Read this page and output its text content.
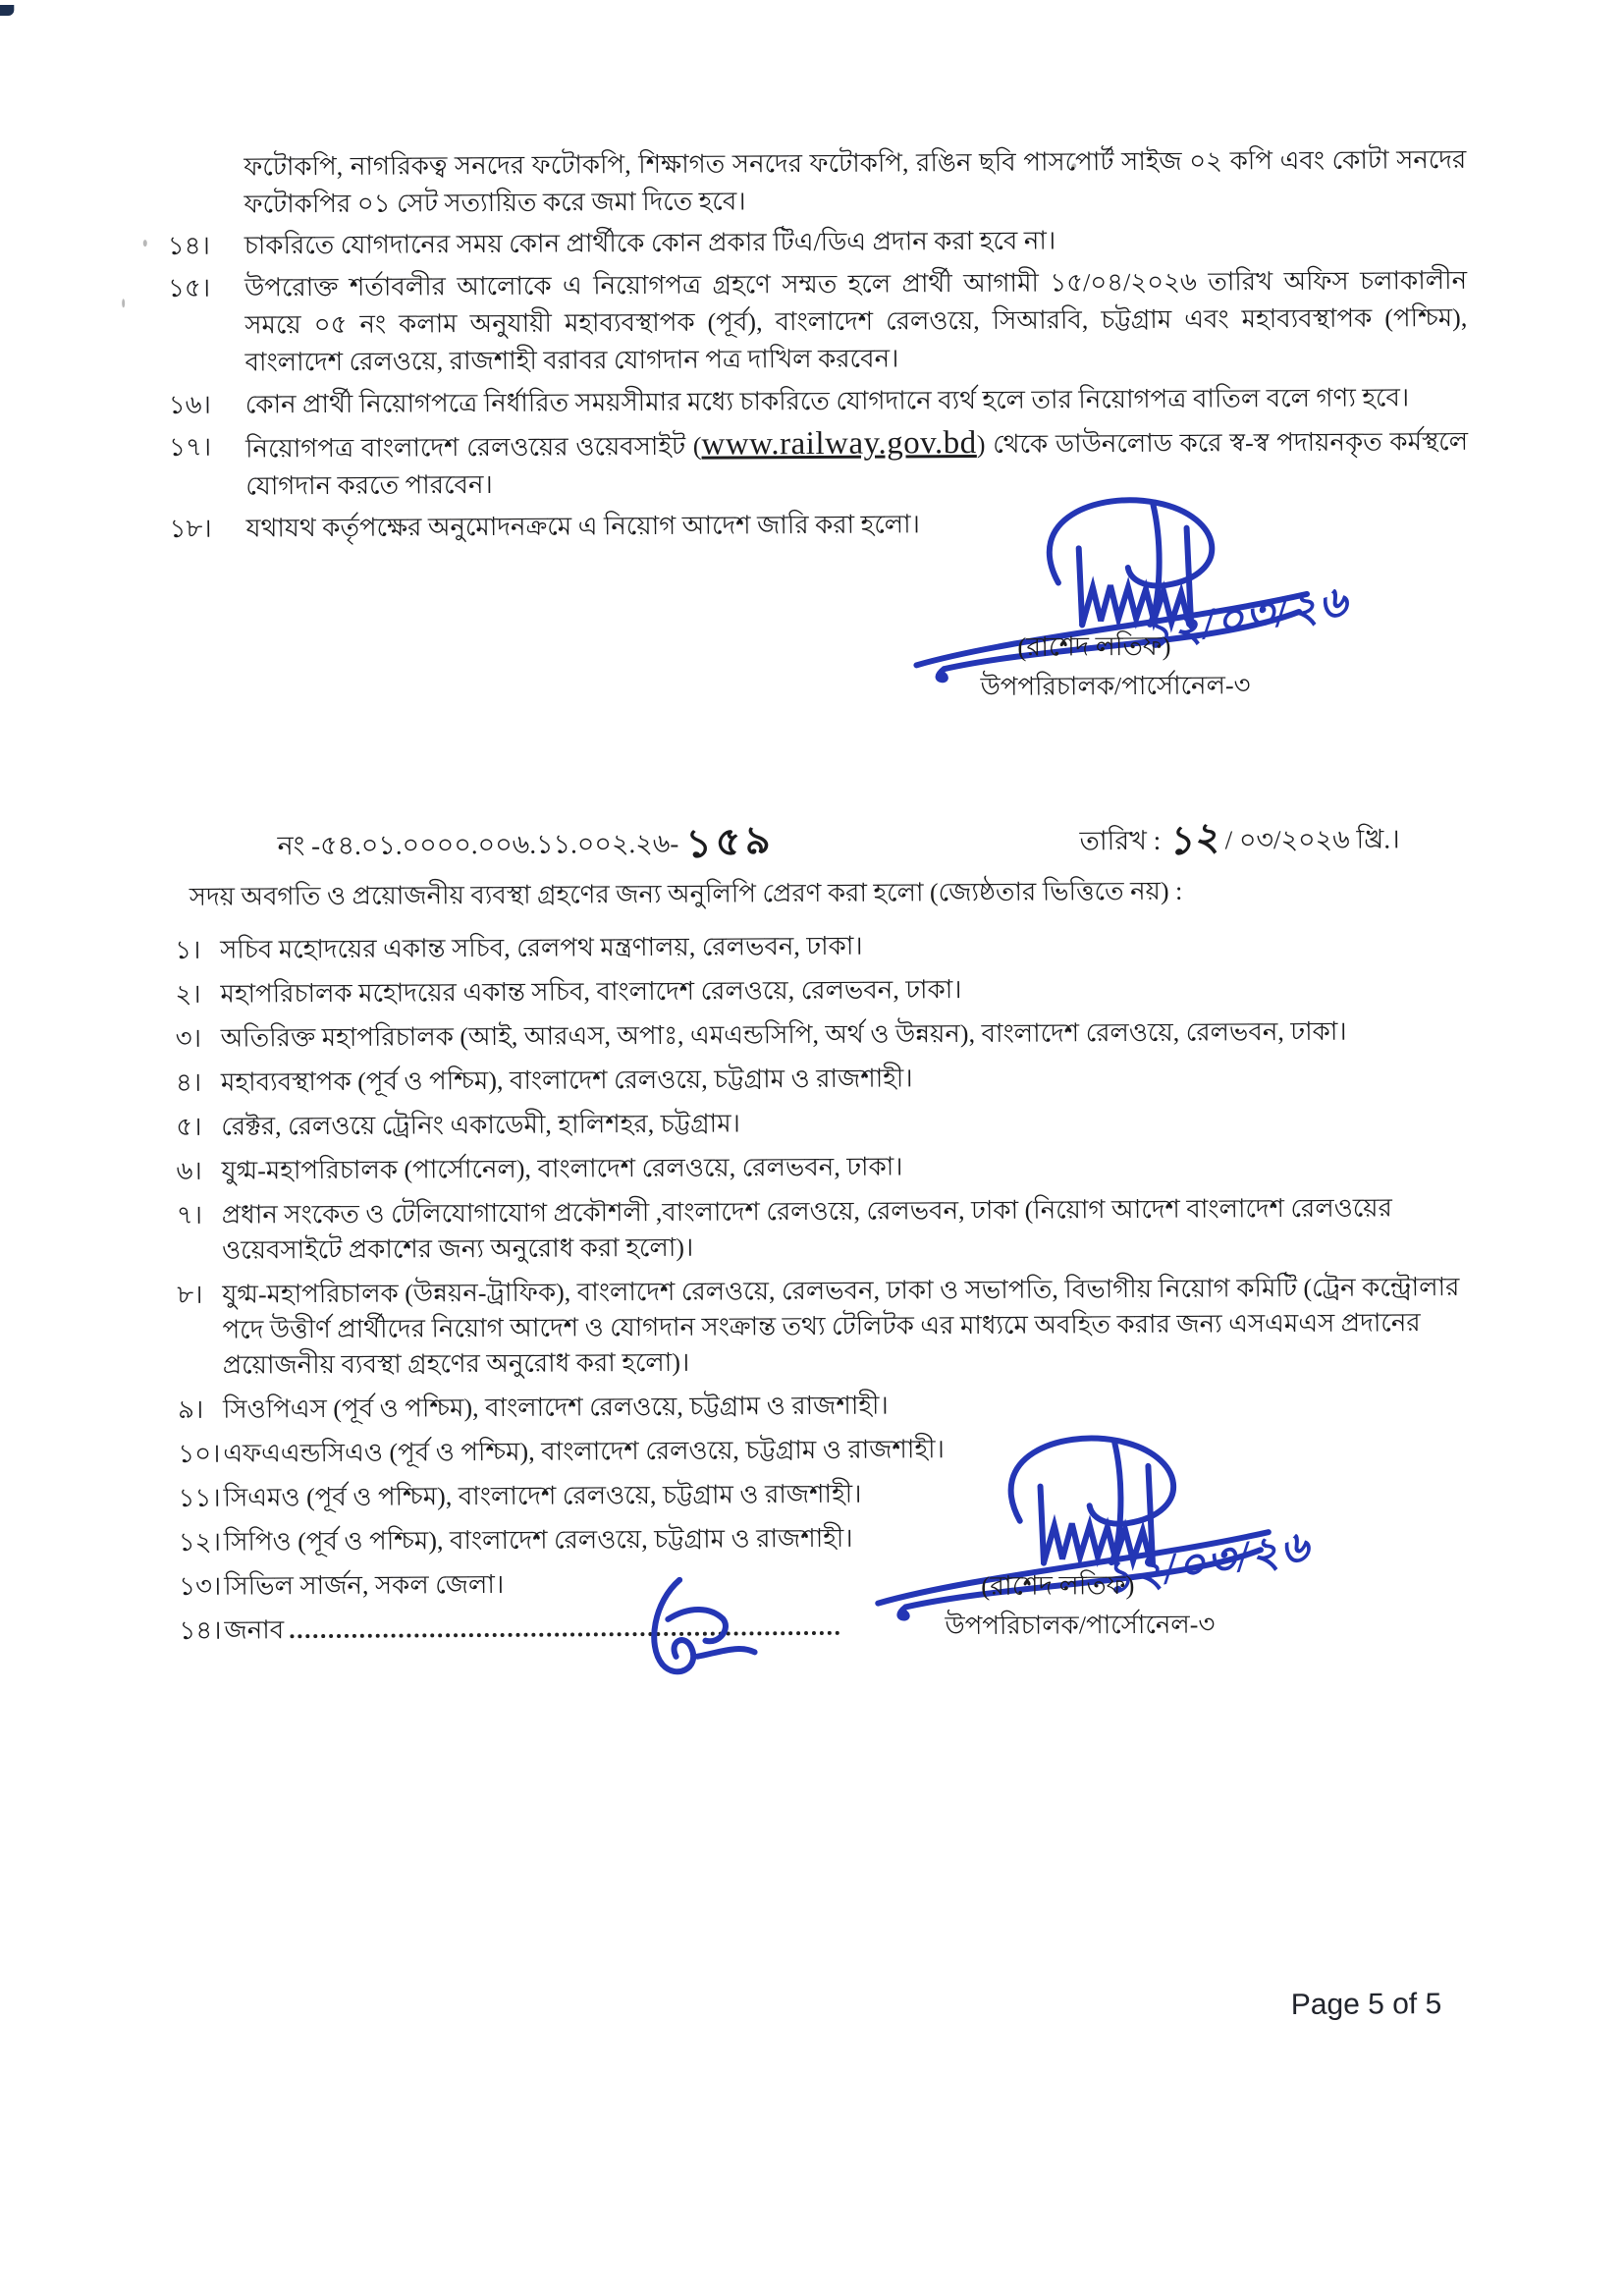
ফটোকপি, নাগরিকত্ব সনদের ফটোকপি, শিক্ষাগত সনদের ফটোকপি, রঙিন ছবি পাসপোর্ট সাইজ ০২ কপি এবং কোটা সনদের ফটোকপির ০১ সেট সত্যায়িত করে জমা দিতে হবে।

১৪।	চাকরিতে যোগদানের সময় কোন প্রার্থীকে কোন প্রকার টিএ/ডিএ প্রদান করা হবে না।
১৫।	উপরোক্ত শর্তাবলীর আলোকে এ নিয়োগপত্র গ্রহণে সম্মত হলে প্রার্থী আগামী ১৫/০৪/২০২৬ তারিখ অফিস চলাকালীন সময়ে ০৫ নং কলাম অনুযায়ী মহাব্যবস্থাপক (পূর্ব), বাংলাদেশ রেলওয়ে, সিআরবি, চট্টগ্রাম এবং মহাব্যবস্থাপক (পশ্চিম), বাংলাদেশ রেলওয়ে, রাজশাহী বরাবর যোগদান পত্র দাখিল করবেন।
১৬।	কোন প্রার্থী নিয়োগপত্রে নির্ধারিত সময়সীমার মধ্যে চাকরিতে যোগদানে ব্যর্থ হলে তার নিয়োগপত্র বাতিল বলে গণ্য হবে।
১৭।	নিয়োগপত্র বাংলাদেশ রেলওয়ের ওয়েবসাইট (www.railway.gov.bd) থেকে ডাউনলোড করে স্ব-স্ব পদায়নকৃত কর্মস্থলে যোগদান করতে পারবেন।
১৮।	যথাযথ কর্তৃপক্ষের অনুমোদনক্রমে এ নিয়োগ আদেশ জারি করা হলো।
১২/০৩/২৬
(রাশেদ লতিফ)
উপপরিচালক/পার্সোনেল-৩
নং -৫৪.০১.০০০০.০০৬.১১.০০২.২৬- ১৫৯	তারিখ : ১২ / ০৩/২০২৬ খ্রি.।

সদয় অবগতি ও প্রয়োজনীয় ব্যবস্থা গ্রহণের জন্য অনুলিপি প্রেরণ করা হলো (জ্যেষ্ঠতার ভিত্তিতে নয়) :

১। সচিব মহোদয়ের একান্ত সচিব, রেলপথ মন্ত্রণালয়, রেলভবন, ঢাকা।
২। মহাপরিচালক মহোদয়ের একান্ত সচিব, বাংলাদেশ রেলওয়ে, রেলভবন, ঢাকা।
৩। অতিরিক্ত মহাপরিচালক (আই, আরএস, অপাঃ, এমএন্ডসিপি, অর্থ ও উন্নয়ন), বাংলাদেশ রেলওয়ে, রেলভবন, ঢাকা।
৪। মহাব্যবস্থাপক (পূর্ব ও পশ্চিম), বাংলাদেশ রেলওয়ে, চট্টগ্রাম ও রাজশাহী।
৫। রেক্টর, রেলওয়ে ট্রেনিং একাডেমী, হালিশহর, চট্টগ্রাম।
৬। যুগ্ম-মহাপরিচালক (পার্সোনেল), বাংলাদেশ রেলওয়ে, রেলভবন, ঢাকা।
৭। প্রধান সংকেত ও টেলিযোগাযোগ প্রকৌশলী ,বাংলাদেশ রেলওয়ে, রেলভবন, ঢাকা (নিয়োগ আদেশ বাংলাদেশ রেলওয়ের ওয়েবসাইটে প্রকাশের জন্য অনুরোধ করা হলো)।
৮। যুগ্ম-মহাপরিচালক (উন্নয়ন-ট্রাফিক), বাংলাদেশ রেলওয়ে, রেলভবন, ঢাকা ও সভাপতি, বিভাগীয় নিয়োগ কমিটি (ট্রেন কন্ট্রোলার পদে উত্তীর্ণ প্রার্থীদের নিয়োগ আদেশ ও যোগদান সংক্রান্ত তথ্য টেলিটক এর মাধ্যমে অবহিত করার জন্য এসএমএস প্রদানের প্রয়োজনীয় ব্যবস্থা গ্রহণের অনুরোধ করা হলো)।
৯। সিওপিএস (পূর্ব ও পশ্চিম), বাংলাদেশ রেলওয়ে, চট্টগ্রাম ও রাজশাহী।
১০। এফএএন্ডসিএও (পূর্ব ও পশ্চিম), বাংলাদেশ রেলওয়ে, চট্টগ্রাম ও রাজশাহী।
১১। সিএমও (পূর্ব ও পশ্চিম), বাংলাদেশ রেলওয়ে, চট্টগ্রাম ও রাজশাহী।
১২। সিপিও (পূর্ব ও পশ্চিম), বাংলাদেশ রেলওয়ে, চট্টগ্রাম ও রাজশাহী।
১৩। সিভিল সার্জন, সকল জেলা।
১৪। জনাব
১২/০৩/২৬
(রাশেদ লতিফ)
উপপরিচালক/পার্সোনেল-৩
Page 5 of 5
